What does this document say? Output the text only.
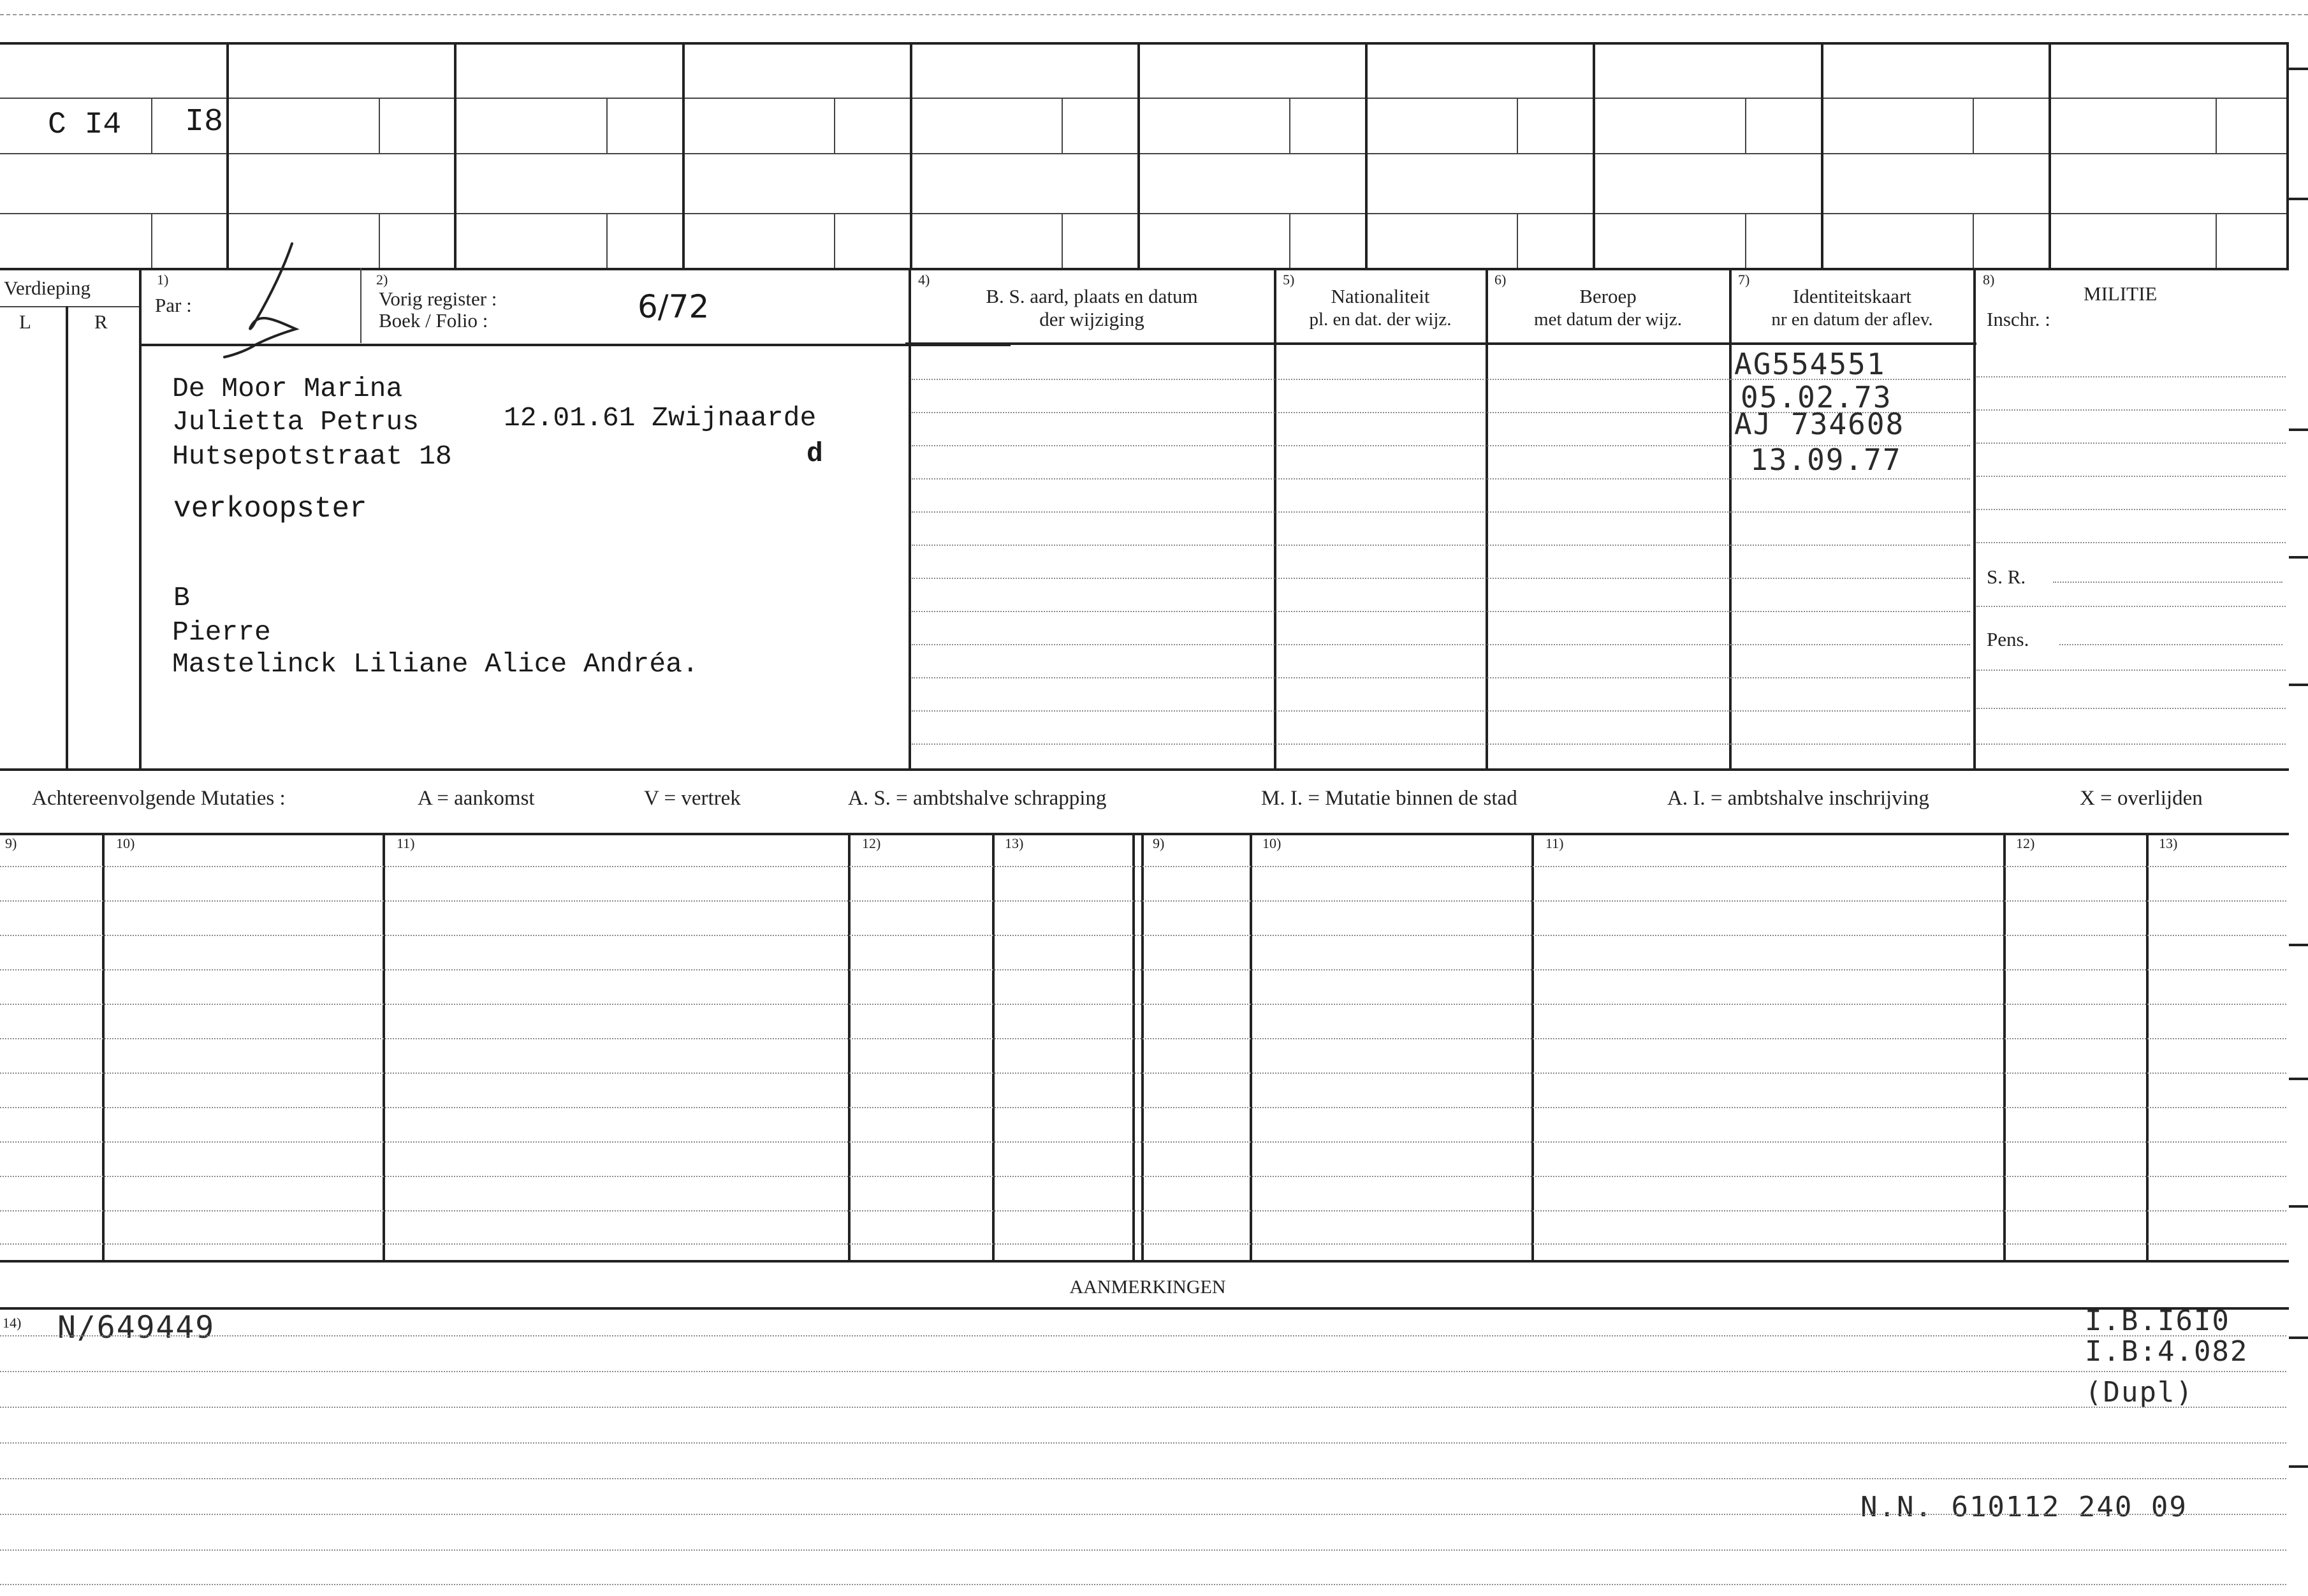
C I4 I8
Verdieping
L	R
1)
Par :
2)
Vorig register :
Boek / Folio :	6/72
4)
B. S. aard, plaats en datum
der wijziging
5)
Nationaliteit
pl. en dat. der wijz.
6)
Beroep
met datum der wijz.
7)
Identiteitskaart
nr en datum der aflev.
8)
MILITIE
Inschr. :
S. R.
Pens.
De Moor Marina
Julietta Petrus	12.01.61 Zwijnaarde
Hutsepotstraat 18	d
verkoopster
B
Pierre
Mastelinck Liliane Alice Andréa.
AG554551
05.02.73
AJ 734608
13.09.77
Achtereenvolgende Mutaties :	A = aankomst	V = vertrek	A. S. = ambtshalve schrapping	M. I. = Mutatie binnen de stad	A. I. = ambtshalve inschrijving	X = overlijden
9)	10)	11)	12)	13)	9)	10)	11)	12)	13)
AANMERKINGEN
14) N/649449	I.B.I6I0
I.B:4.082
(Dupl)
N.N. 610112 240 09
